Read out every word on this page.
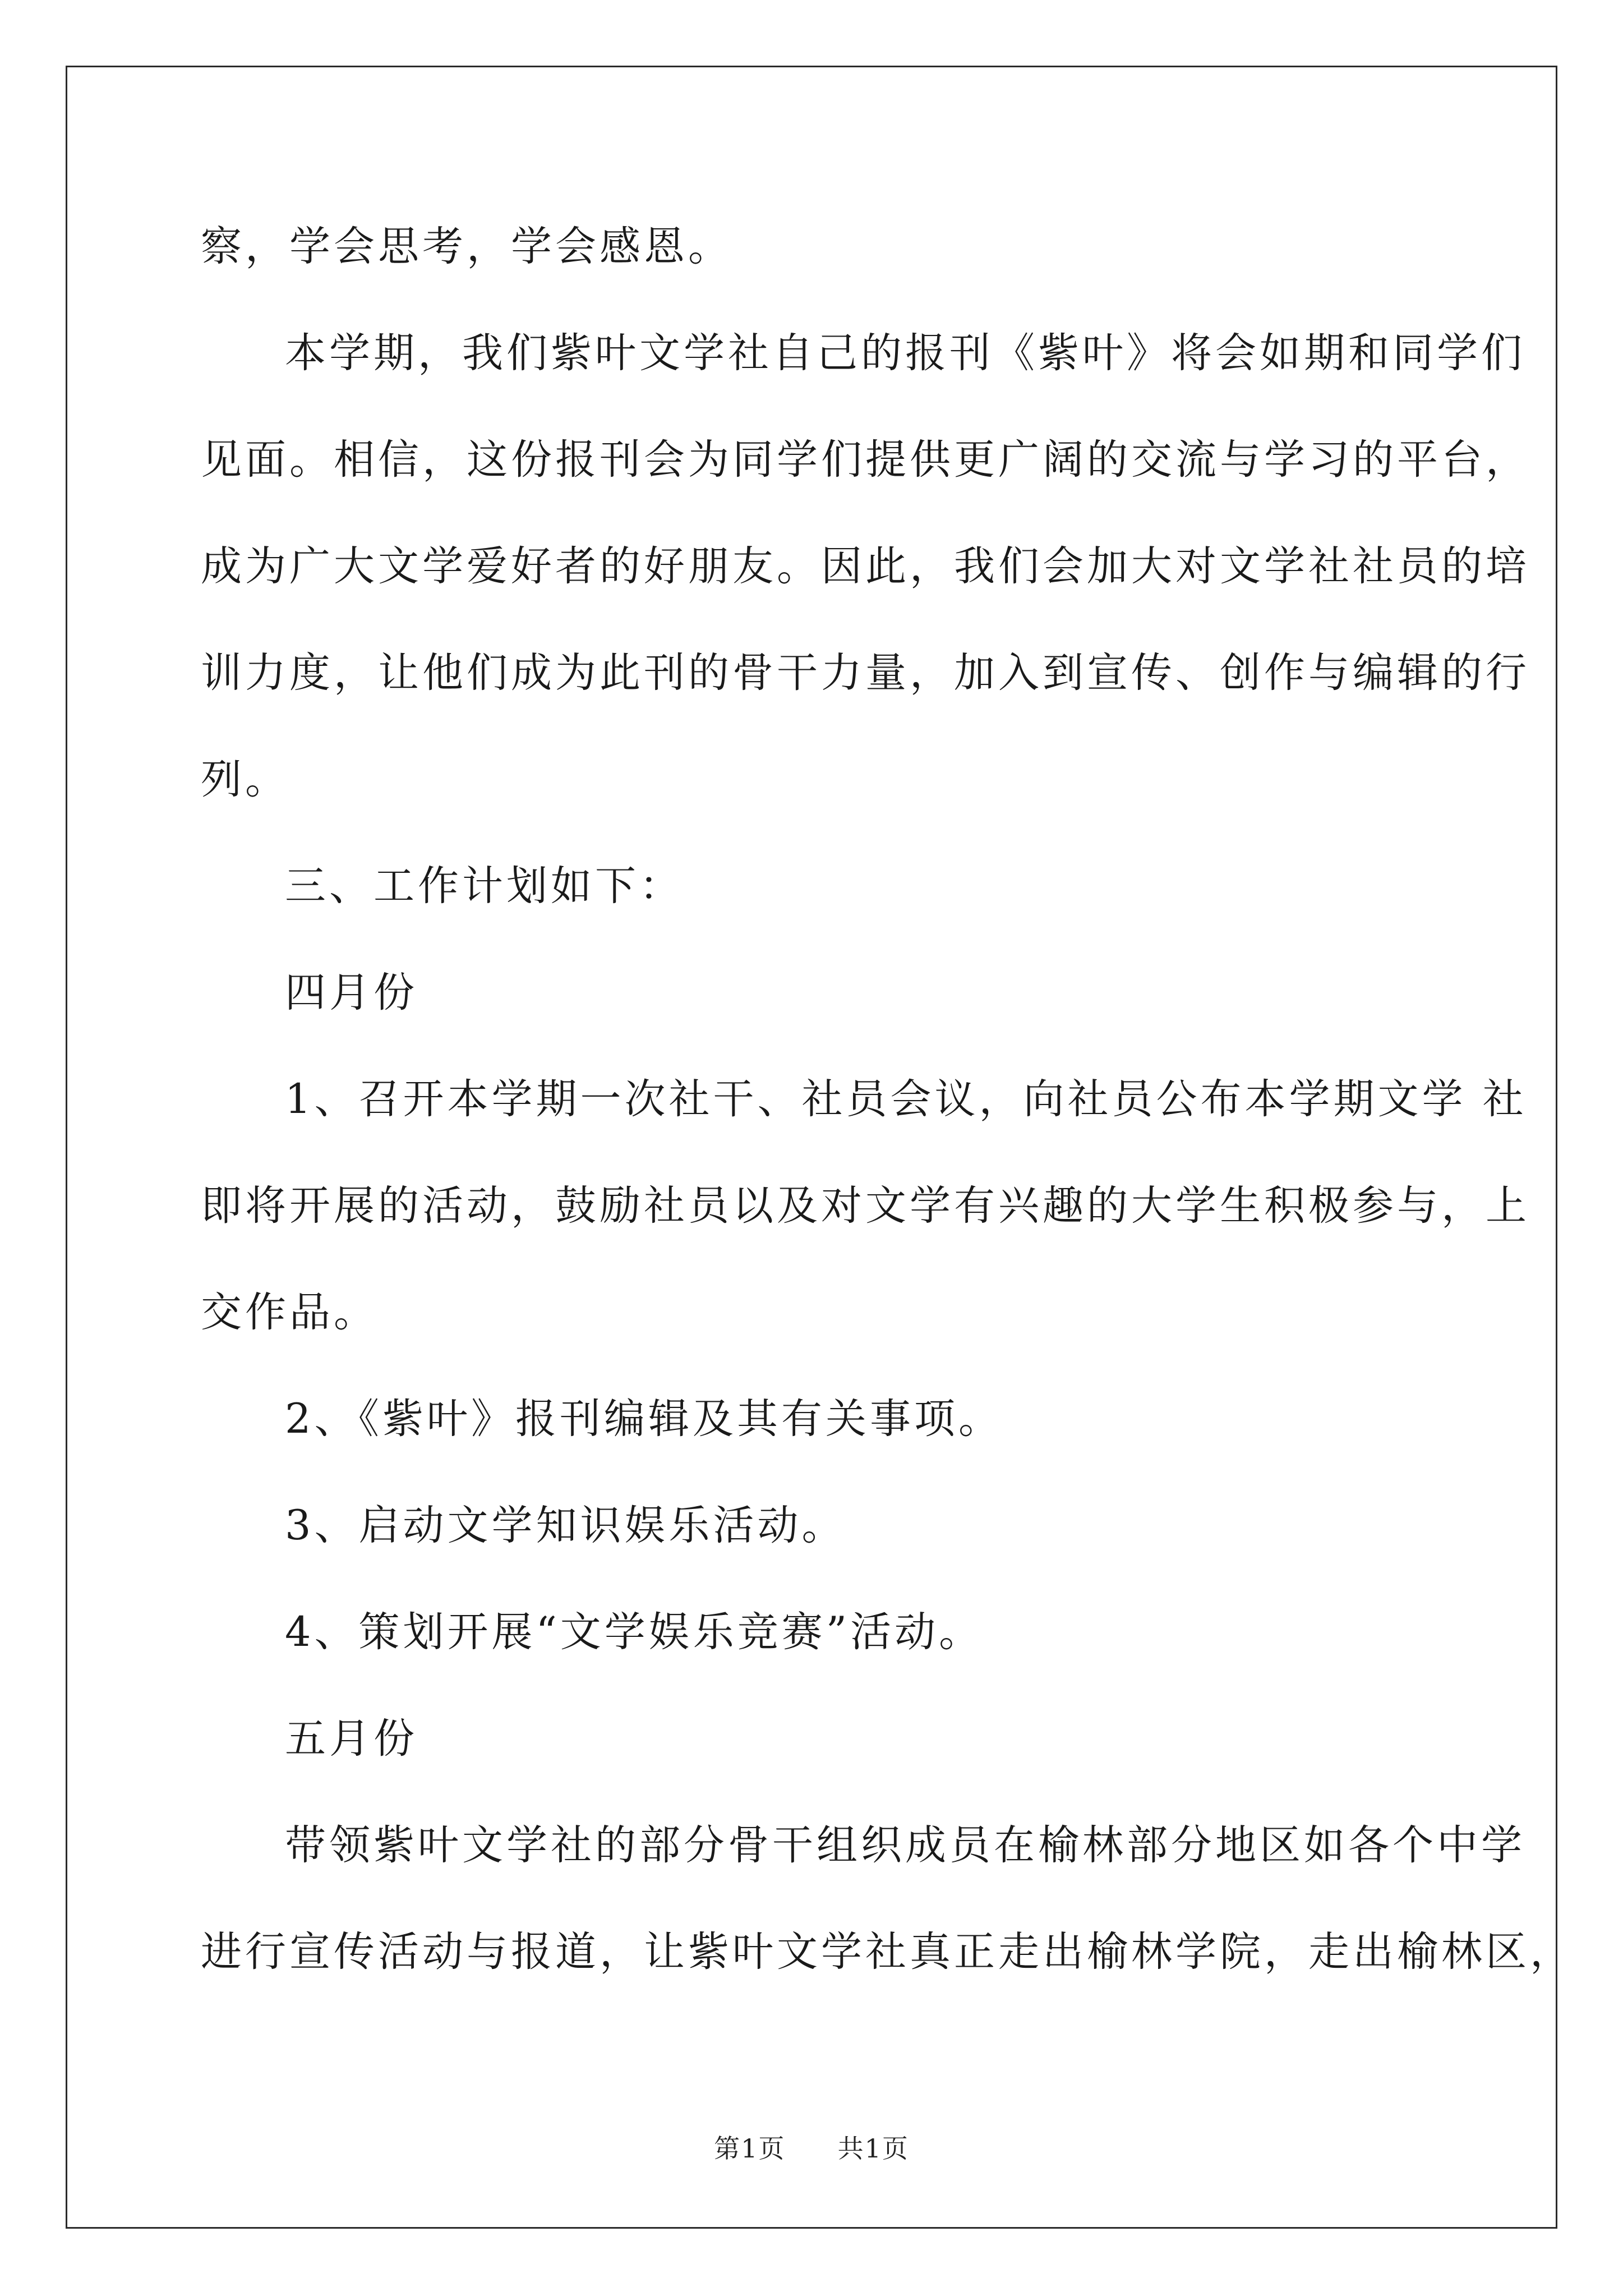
察，学会思考，学会感恩。
本学期，我们紫叶文学社自己的报刊《紫叶》将会如期和同学们
见面。相信，这份报刊会为同学们提供更广阔的交流与学习的平台，
成为广大文学爱好者的好朋友。因此，我们会加大对文学社社员的培
训力度，让他们成为此刊的骨干力量，加入到宣传、创作与编辑的行
列。
三、工作计划如下：
四月份
1、召开本学期一次社干、社员会议，向社员公布本学期文学 社
即将开展的活动，鼓励社员以及对文学有兴趣的大学生积极参与，上
交作品。
2、《紫叶》报刊编辑及其有关事项。
3、启动文学知识娱乐活动。
4、策划开展“文学娱乐竞赛”活动。
五月份
带领紫叶文学社的部分骨干组织成员在榆林部分地区如各个中学
进行宣传活动与报道，让紫叶文学社真正走出榆林学院，走出榆林区，
第1页 共1页
